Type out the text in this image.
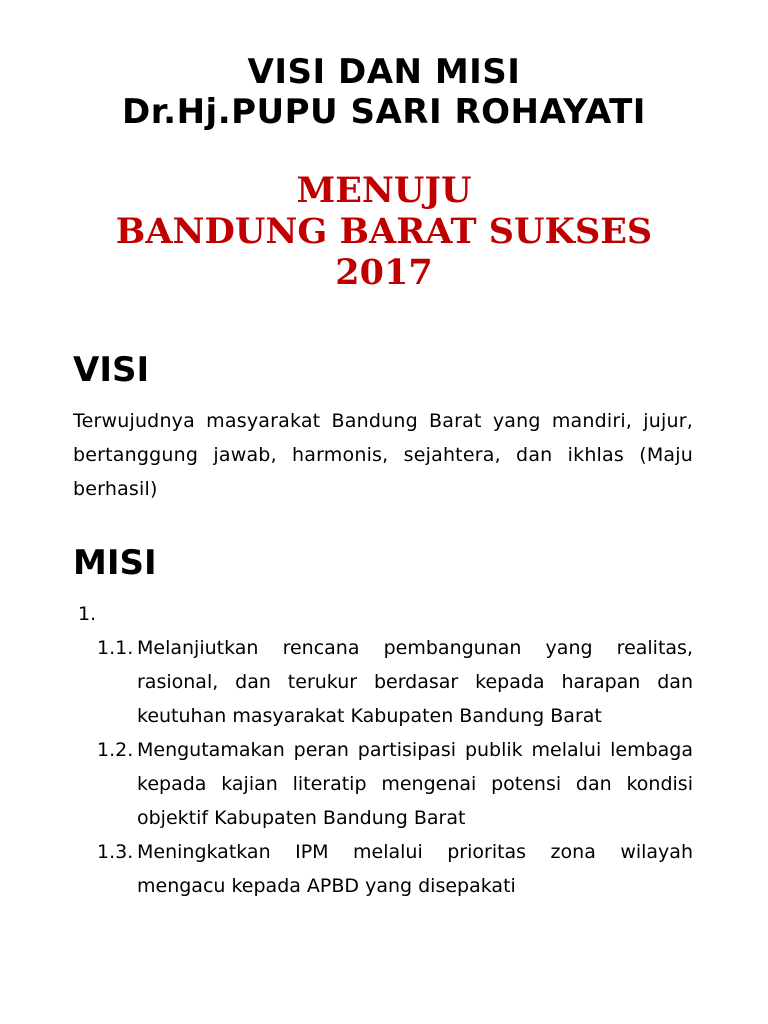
VISI DAN MISI
Dr.Hj.PUPU SARI ROHAYATI
MENUJU
BANDUNG BARAT SUKSES
2017
VISI
Terwujudnya masyarakat Bandung Barat yang mandiri, jujur, bertanggung jawab, harmonis, sejahtera, dan ikhlas (Maju berhasil)
MISI
1.
1.1. Melanjiutkan rencana pembangunan yang realitas, rasional, dan terukur berdasar kepada harapan dan keutuhan masyarakat Kabupaten Bandung Barat
1.2. Mengutamakan peran partisipasi publik melalui lembaga kepada kajian literatip mengenai potensi dan kondisi objektif Kabupaten Bandung Barat
1.3. Meningkatkan IPM melalui prioritas zona wilayah mengacu kepada APBD yang disepakati
